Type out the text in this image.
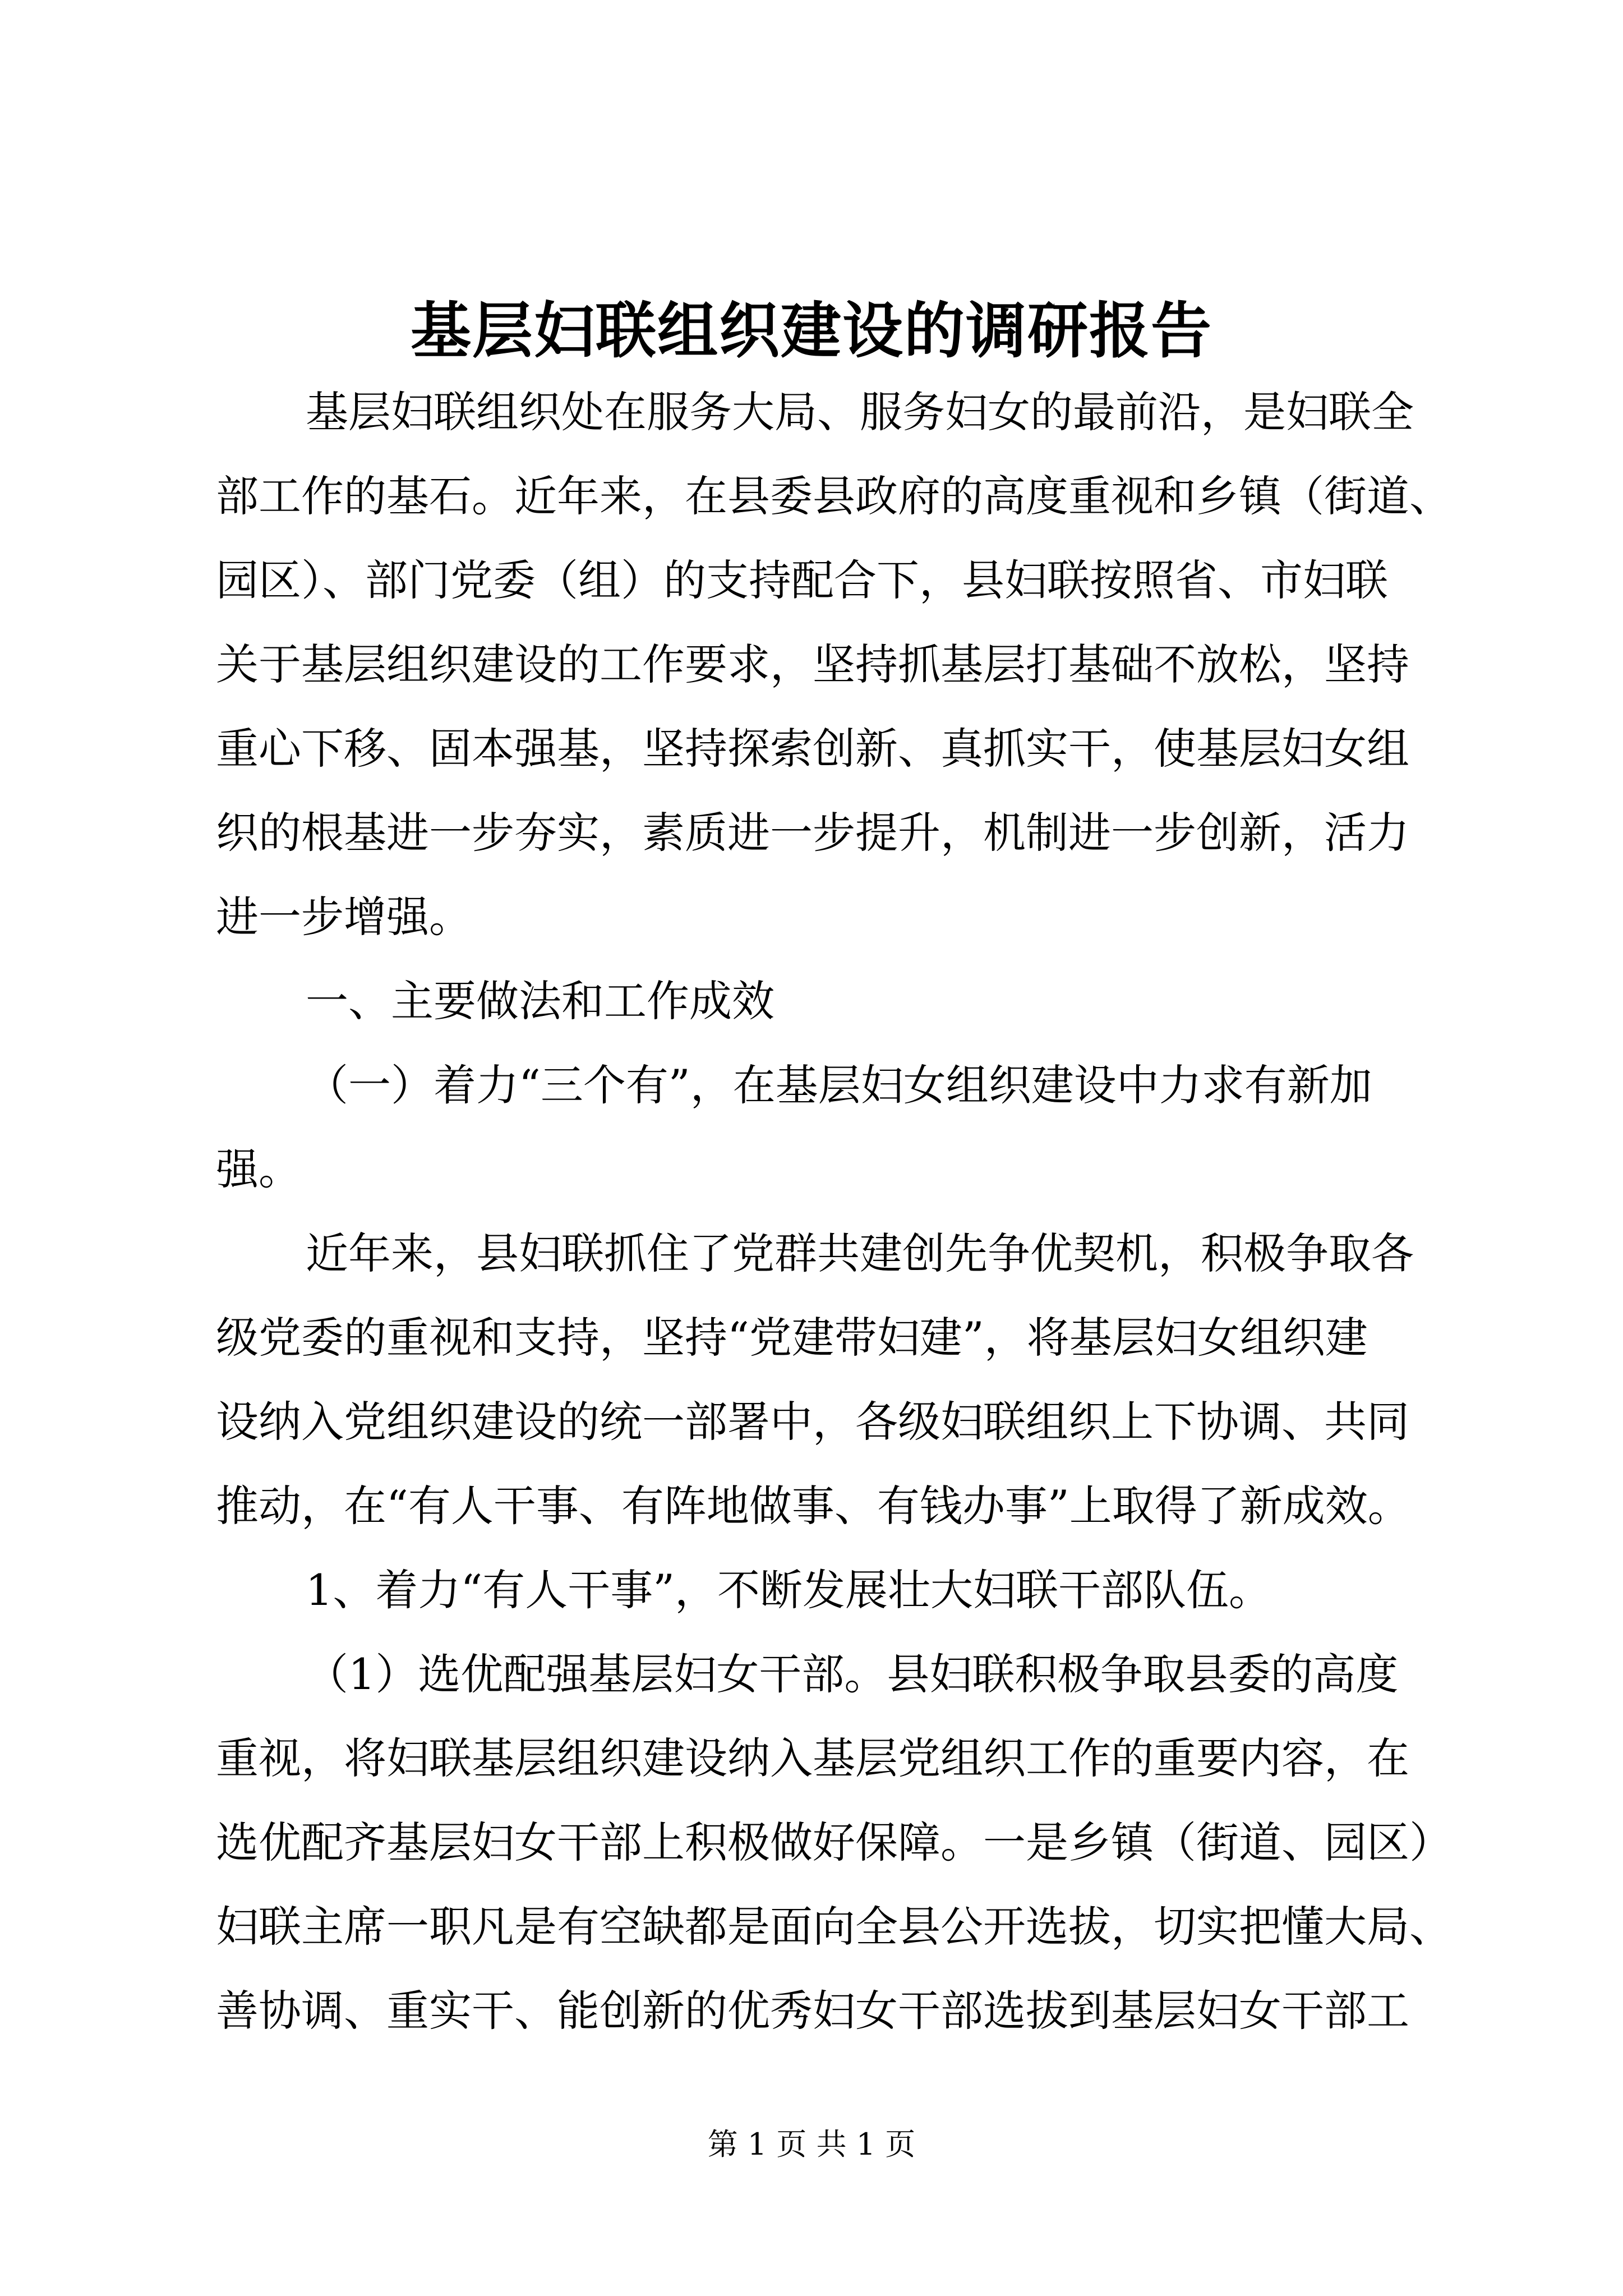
基层妇联组织建设的调研报告
基层妇联组织处在服务大局、服务妇女的最前沿，是妇联全
部工作的基石。近年来，在县委县政府的高度重视和乡镇（街道、
园区）、部门党委（组）的支持配合下，县妇联按照省、市妇联
关于基层组织建设的工作要求，坚持抓基层打基础不放松，坚持
重心下移、固本强基，坚持探索创新、真抓实干，使基层妇女组
织的根基进一步夯实，素质进一步提升，机制进一步创新，活力
进一步增强。
一、主要做法和工作成效
（一）着力“三个有”，在基层妇女组织建设中力求有新加
强。
近年来，县妇联抓住了党群共建创先争优契机，积极争取各
级党委的重视和支持，坚持“党建带妇建”，将基层妇女组织建
设纳入党组织建设的统一部署中，各级妇联组织上下协调、共同
推动，在“有人干事、有阵地做事、有钱办事”上取得了新成效。
1、着力“有人干事”，不断发展壮大妇联干部队伍。
（1）选优配强基层妇女干部。县妇联积极争取县委的高度
重视，将妇联基层组织建设纳入基层党组织工作的重要内容，在
选优配齐基层妇女干部上积极做好保障。一是乡镇（街道、园区）
妇联主席一职凡是有空缺都是面向全县公开选拔，切实把懂大局、
善协调、重实干、能创新的优秀妇女干部选拔到基层妇女干部工
第 1 页 共 1 页
